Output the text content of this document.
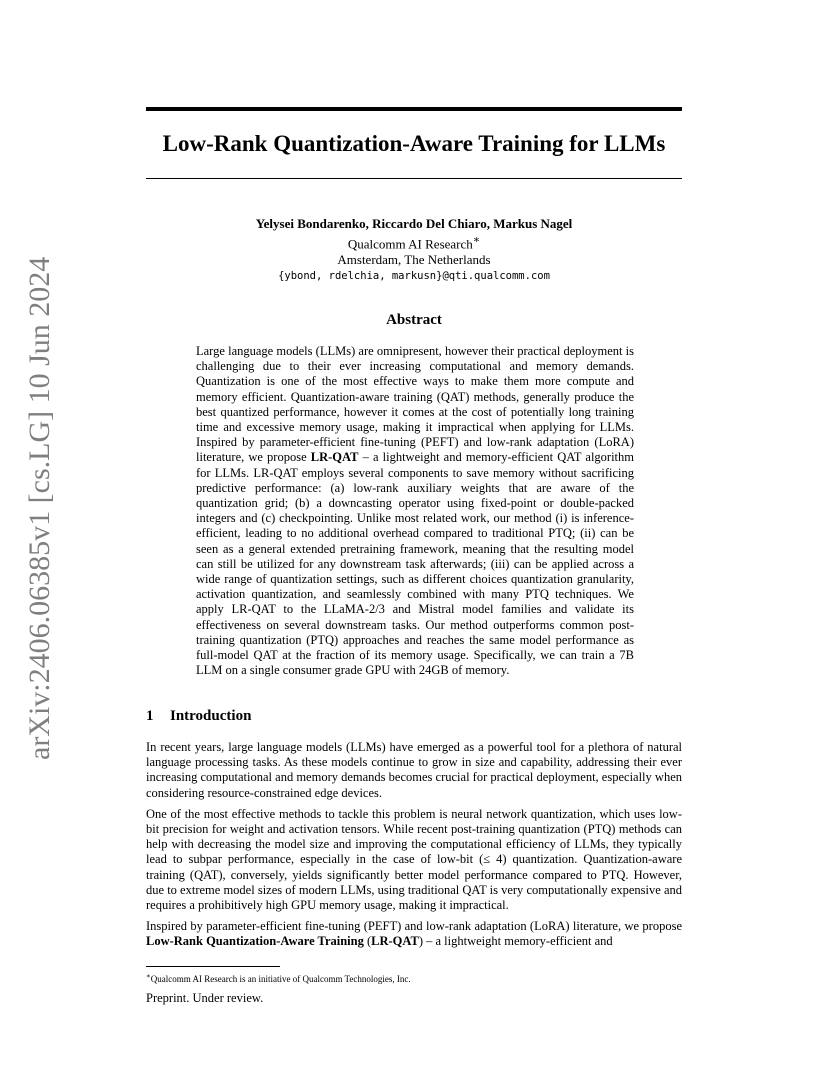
arXiv:2406.06385v1 [cs.LG] 10 Jun 2024
Low-Rank Quantization-Aware Training for LLMs
Yelysei Bondarenko, Riccardo Del Chiaro, Markus Nagel
Qualcomm AI Research∗
Amsterdam, The Netherlands
{ybond, rdelchia, markusn}@qti.qualcomm.com
Abstract

Large language models (LLMs) are omnipresent, however their practical deployment is challenging due to their ever increasing computational and memory demands. Quantization is one of the most effective ways to make them more compute and memory efficient. Quantization-aware training (QAT) methods, generally produce the best quantized performance, however it comes at the cost of potentially long training time and excessive memory usage, making it impractical when applying for LLMs. Inspired by parameter-efficient fine-tuning (PEFT) and low-rank adaptation (LoRA) literature, we propose LR-QAT – a lightweight and memory-efficient QAT algorithm for LLMs. LR-QAT employs several components to save memory without sacrificing predictive performance: (a) low-rank auxiliary weights that are aware of the quantization grid; (b) a downcasting operator using fixed-point or double-packed integers and (c) checkpointing. Unlike most related work, our method (i) is inference-efficient, leading to no additional overhead compared to traditional PTQ; (ii) can be seen as a general extended pretraining framework, meaning that the resulting model can still be utilized for any downstream task afterwards; (iii) can be applied across a wide range of quantization settings, such as different choices quantization granularity, activation quantization, and seamlessly combined with many PTQ techniques. We apply LR-QAT to the LLaMA-2/3 and Mistral model families and validate its effectiveness on several downstream tasks. Our method outperforms common post-training quantization (PTQ) approaches and reaches the same model performance as full-model QAT at the fraction of its memory usage. Specifically, we can train a 7B LLM on a single consumer grade GPU with 24GB of memory.

1 Introduction

In recent years, large language models (LLMs) have emerged as a powerful tool for a plethora of natural language processing tasks. As these models continue to grow in size and capability, addressing their ever increasing computational and memory demands becomes crucial for practical deployment, especially when considering resource-constrained edge devices.

One of the most effective methods to tackle this problem is neural network quantization, which uses low-bit precision for weight and activation tensors. While recent post-training quantization (PTQ) methods can help with decreasing the model size and improving the computational efficiency of LLMs, they typically lead to subpar performance, especially in the case of low-bit (≤ 4) quantization. Quantization-aware training (QAT), conversely, yields significantly better model performance compared to PTQ. However, due to extreme model sizes of modern LLMs, using traditional QAT is very computationally expensive and requires a prohibitively high GPU memory usage, making it impractical.

Inspired by parameter-efficient fine-tuning (PEFT) and low-rank adaptation (LoRA) literature, we propose Low-Rank Quantization-Aware Training (LR-QAT) – a lightweight memory-efficient and

∗Qualcomm AI Research is an initiative of Qualcomm Technologies, Inc.
Preprint. Under review.
